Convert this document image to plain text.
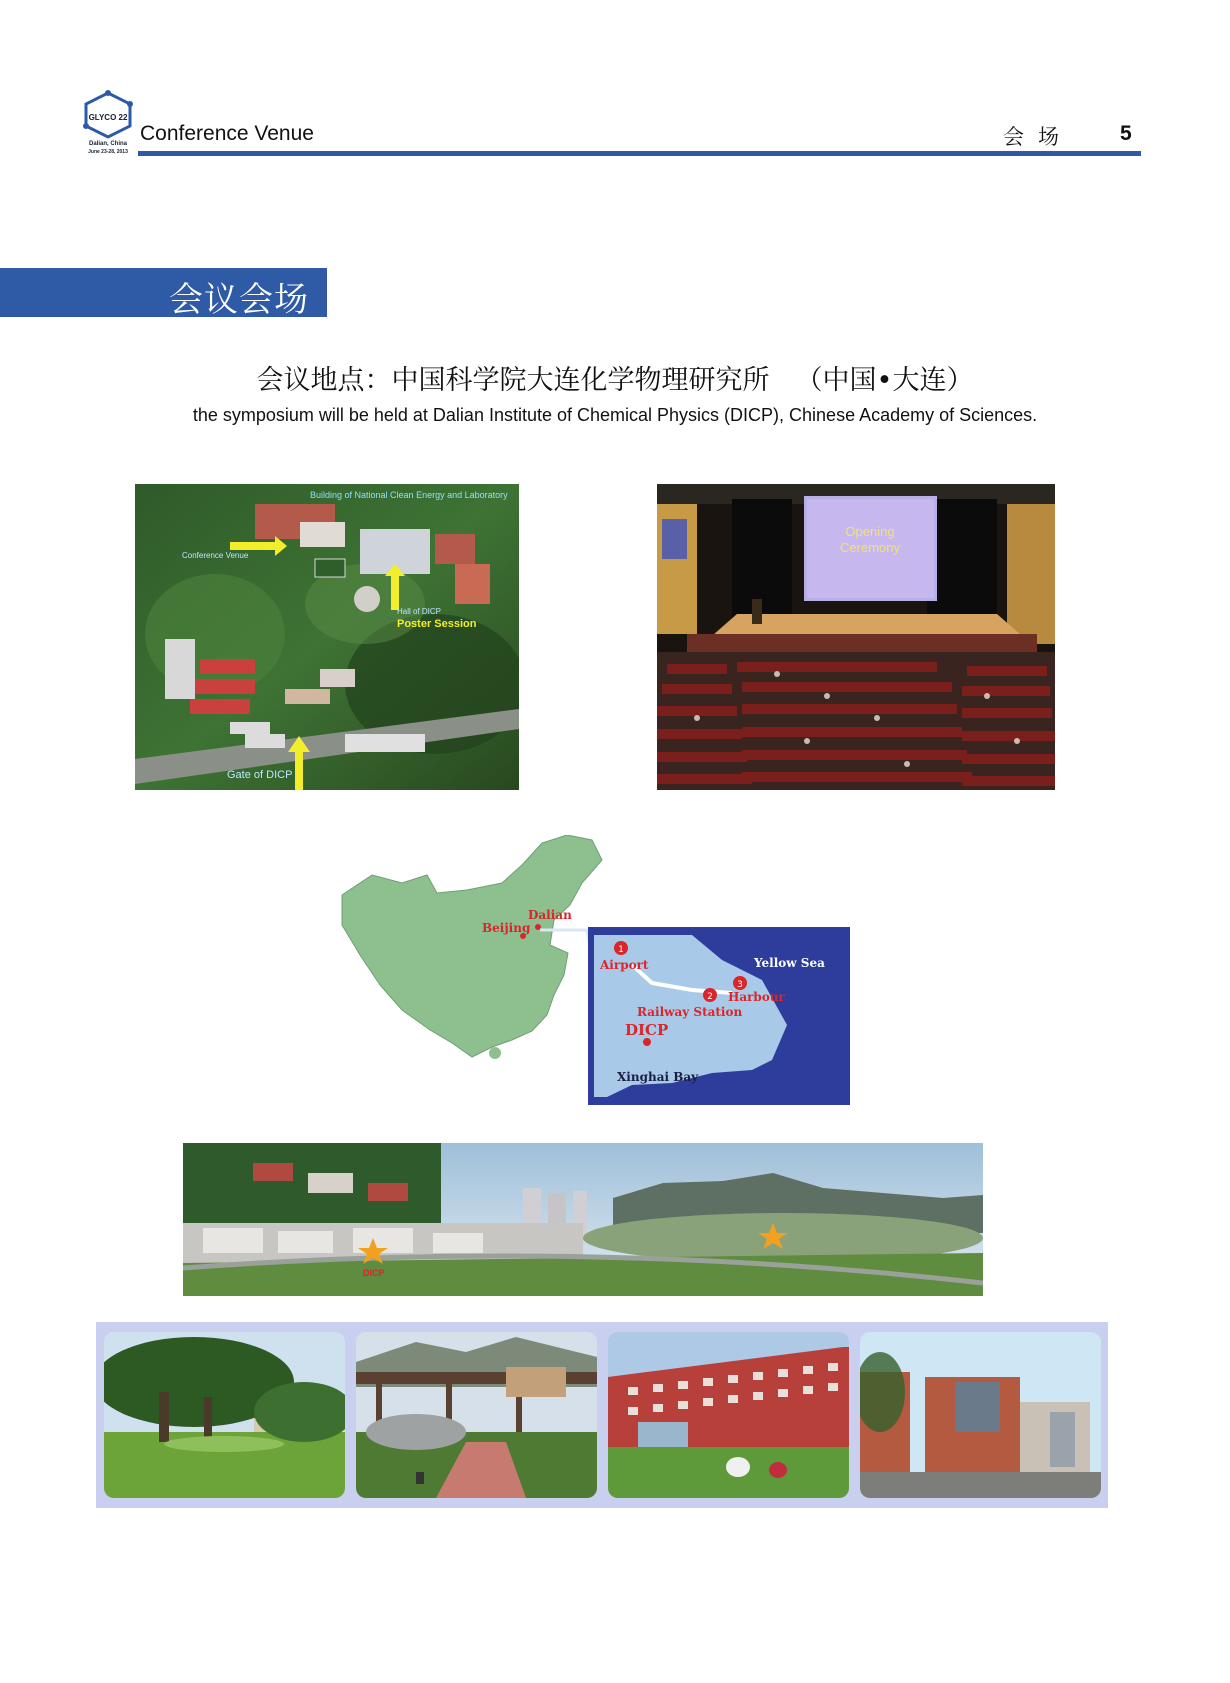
GLYCO 22
Dalian, China
June 23-28, 2013
Conference Venue	会场 5
会议会场
会议地点：中国科学院大连化学物理研究所 （中国•大连）
the symposium will be held at Dalian Institute of Chemical Physics (DICP), Chinese Academy of Sciences.
Building of National Clean Energy and Laboratory
Conference Venue
Hall of DICP
Poster Session
Gate of DICP
Opening
Ceremony
Beijing
Dalian
1
2
3
Airport	Yellow Sea
Harbour
Railway Station
DICP
Xinghai Bay
DICP
